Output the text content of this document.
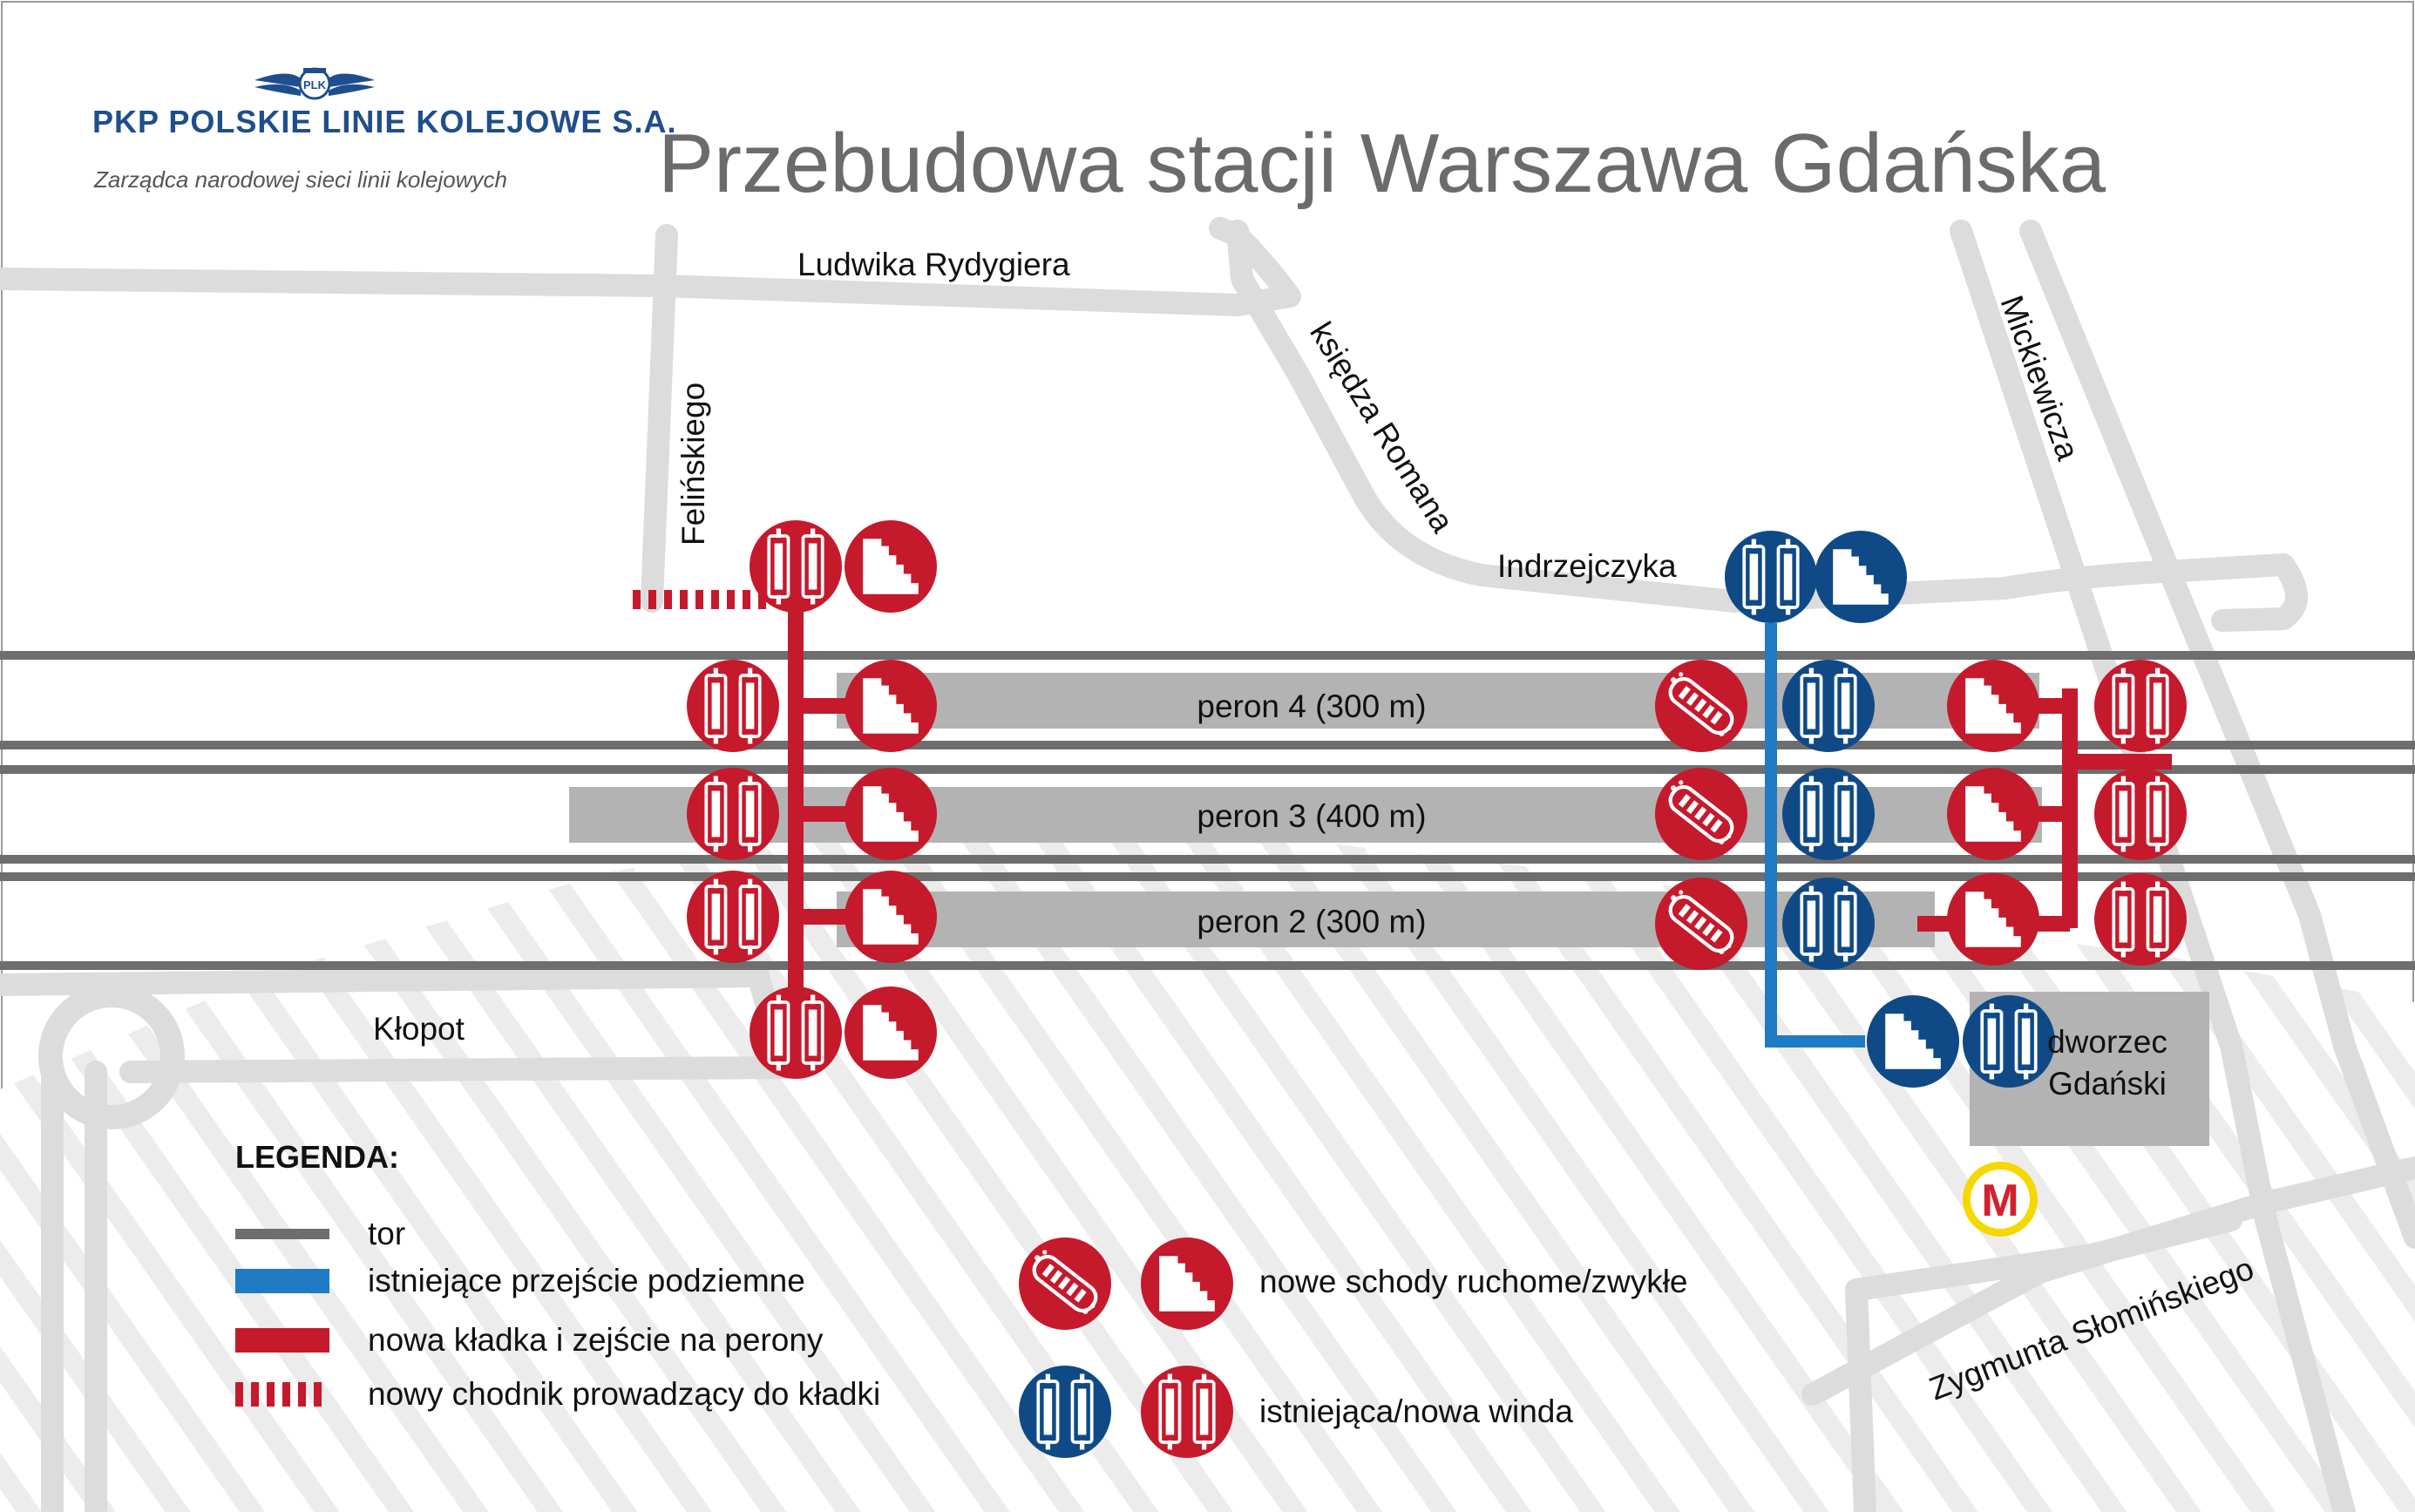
M
Ludwika Rydygiera
Felińskiego	księdza Romana
Indrzejczyka
Mickiewicza
Kłopot
Zygmunta Słomińskiego
peron 4 (300 m)
peron 3 (400 m)
peron 2 (300 m)
dworzec
Gdański
PLK
PKP POLSKIE LINIE KOLEJOWE S.A.
Zarządca narodowej sieci linii kolejowych Przebudowa stacji Warszawa Gdańska
LEGENDA:
tor
istniejące przejście podziemne
nowa kładka i zejście na perony
nowy chodnik prowadzący do kładki
nowe schody ruchome/zwykłe
istniejąca/nowa winda
